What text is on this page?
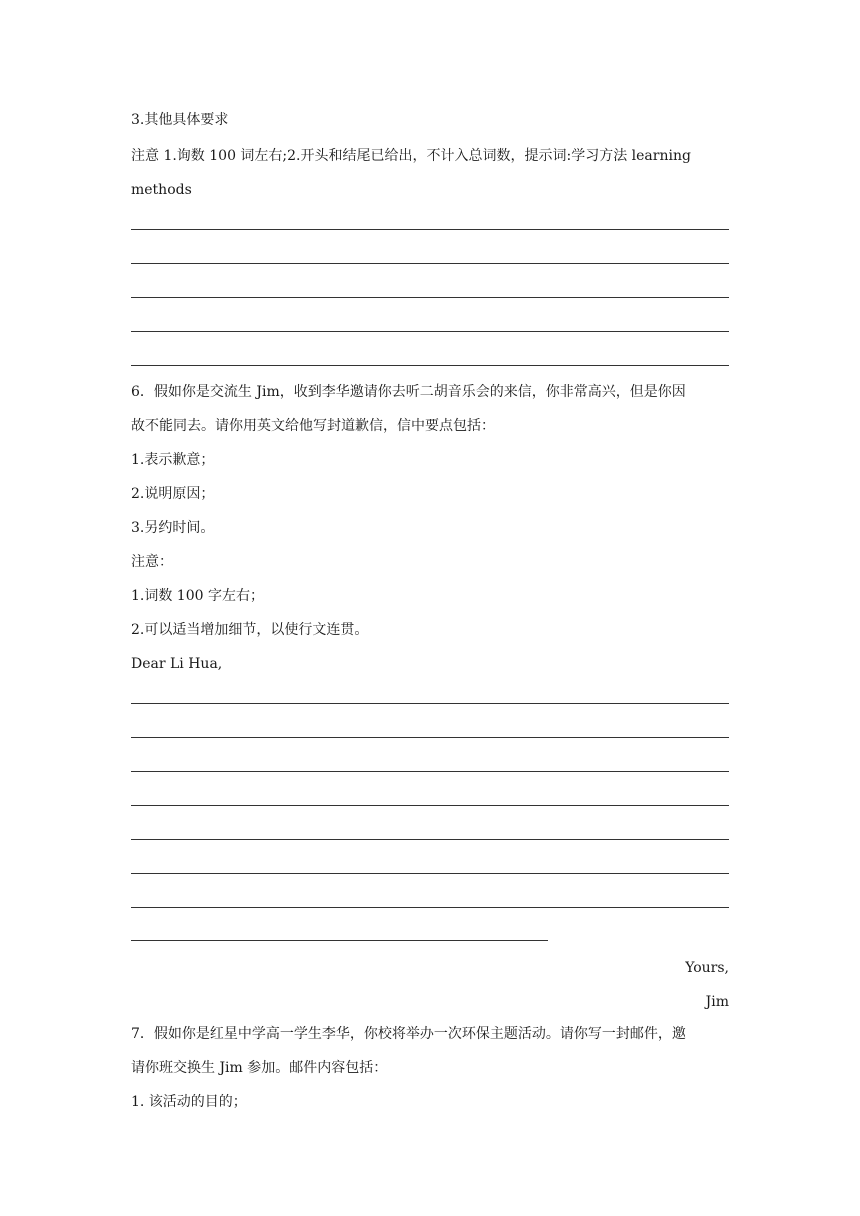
3.其他具体要求
注意 1.询数 100 词左右;2.开头和结尾已给出，不计入总词数，提示词:学习方法 learning
methods
6．假如你是交流生 Jim，收到李华邀请你去听二胡音乐会的来信，你非常高兴，但是你因
故不能同去。请你用英文给他写封道歉信，信中要点包括：
1.表示歉意；
2.说明原因；
3.另约时间。
注意：
1.词数 100 字左右；
2.可以适当增加细节，以使行文连贯。
Dear Li Hua,
Yours,
Jim
7．假如你是红星中学高一学生李华，你校将举办一次环保主题活动。请你写一封邮件，邀
请你班交换生 Jim 参加。邮件内容包括：
1. 该活动的目的；
